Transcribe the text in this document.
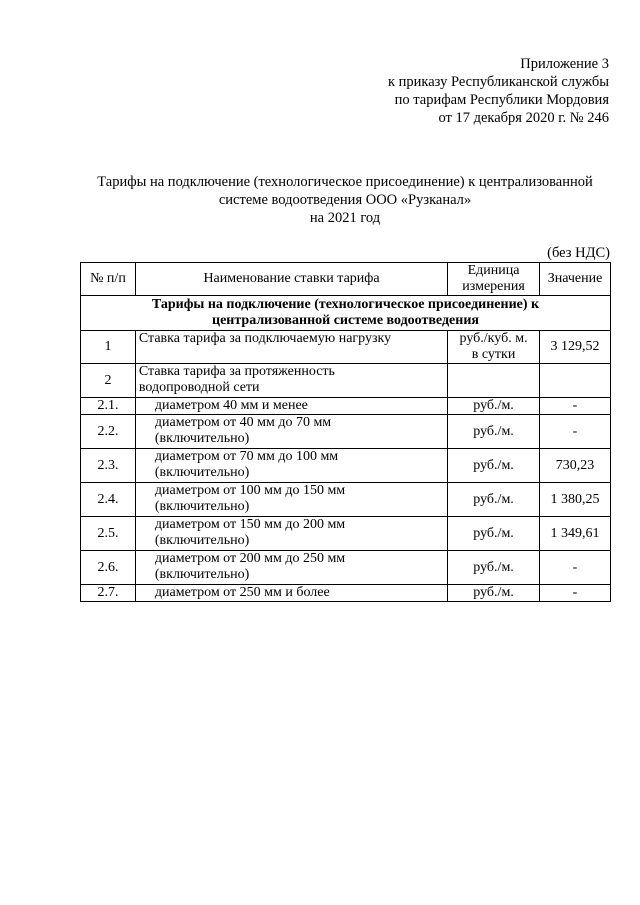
Приложение 3
к приказу Республиканской службы
по тарифам Республики Мордовия
от 17 декабря 2020 г. № 246
Тарифы на подключение (технологическое присоединение) к централизованной
системе водоотведения ООО «Рузканал»
на 2021 год
(без НДС)
№ п/п	Наименование ставки тарифа	Единица
измерения	Значение

Тарифы на подключение (технологическое присоединение) к
централизованной системе водоотведения			

1	Ставка тарифа за подключаемую нагрузку	руб./куб. м.
в сутки	3 129,52
2	Ставка тарифа за протяженность
водопроводной сети		

2.1.	диаметром 40 мм и менее	руб./м.	-
2.2.	диаметром от 40 мм до 70 мм
(включительно)	руб./м.	-
2.3.	диаметром от 70 мм до 100 мм
(включительно)	руб./м.	730,23
2.4.	диаметром от 100 мм до 150 мм
(включительно)	руб./м.	1 380,25
2.5.	диаметром от 150 мм до 200 мм
(включительно)	руб./м.	1 349,61
2.6.	диаметром от 200 мм до 250 мм
(включительно)	руб./м.	-
2.7.	диаметром от 250 мм и более	руб./м.	-
